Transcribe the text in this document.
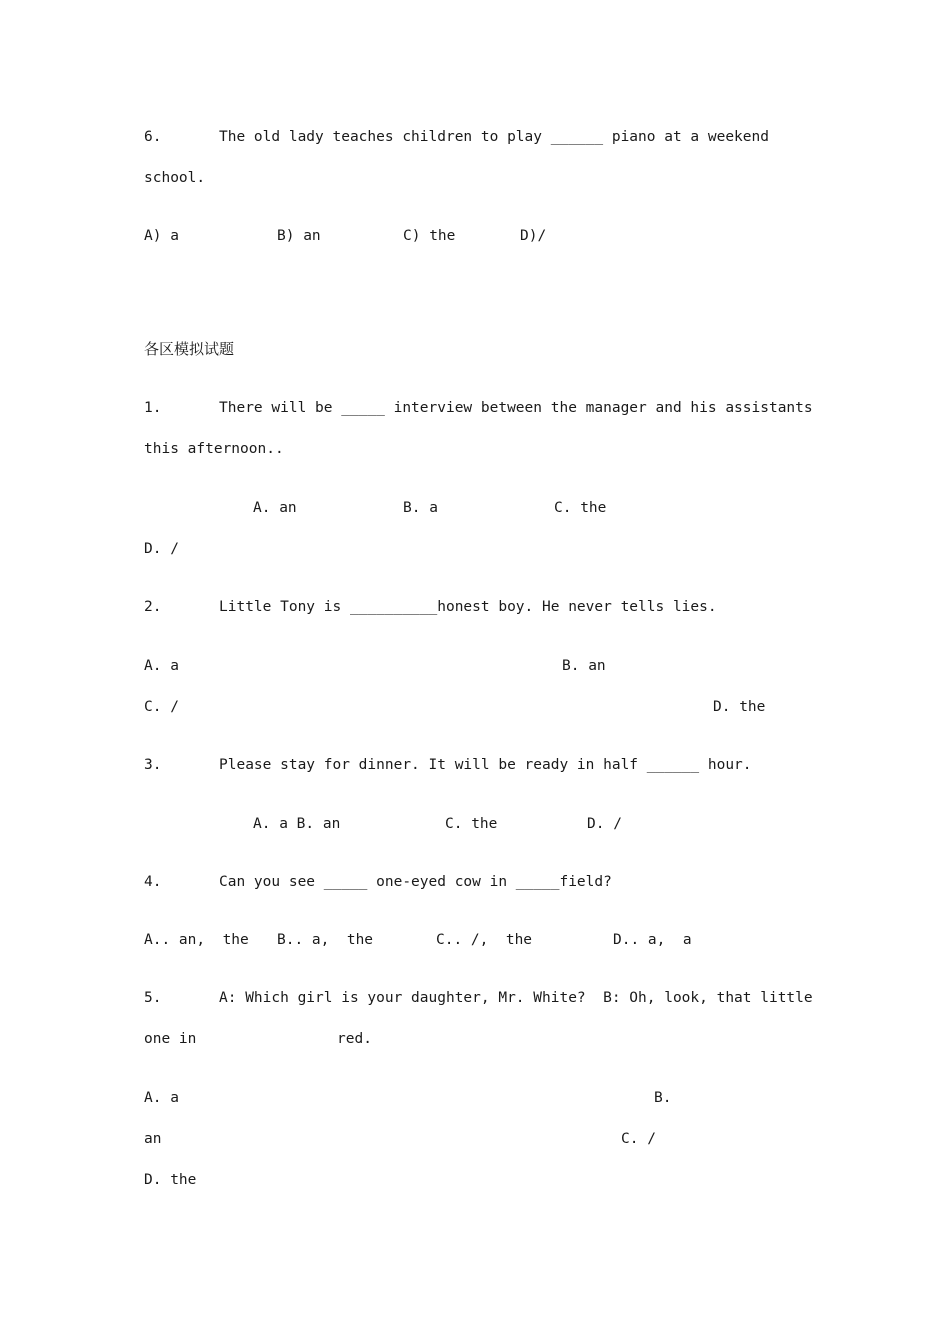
6.	The old lady teaches children to play ______ piano at a weekend
school.
A) a	B) an	C) the	D)/
各区模拟试题
1.	There will be _____ interview between the manager and his assistants
this afternoon..
A. an	B. a	C. the
D. /
2.	Little Tony is __________honest boy. He never tells lies.
A. a	B. an
C. /	D. the
3.	Please stay for dinner. It will be ready in half ______ hour.
A. a B. an	C. the	D. /
4.	Can you see _____ one-eyed cow in _____field?
A.. an,  the B.. a,  the	C.. /,  the	D.. a,  a
5.	A: Which girl is your daughter, Mr. White?  B: Oh, look, that little
one in	red.
A. a	B.
an	C. /
D. the
